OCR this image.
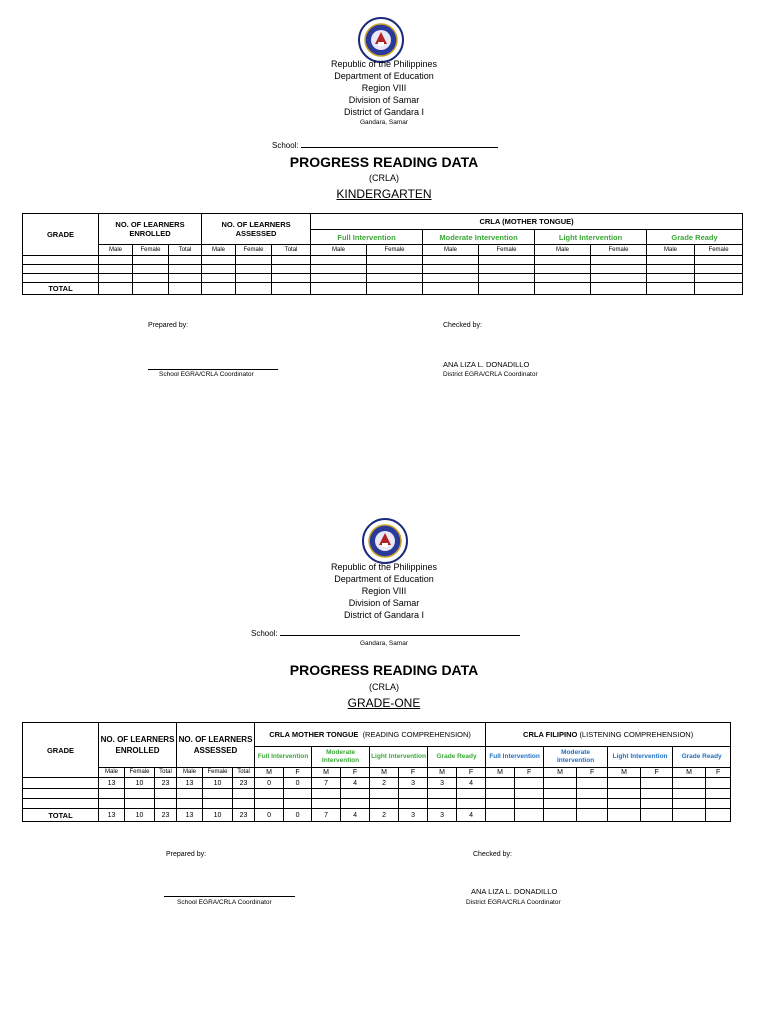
Republic of the Philippines
Department of Education
Region VIII
Division of Samar
District of Gandara I
Gandara, Samar
School:
PROGRESS READING DATA
(CRLA)
KINDERGARTEN
GRADE	NO. OF LEARNERS ENROLLED			NO. OF LEARNERS ASSESSED			CRLA (MOTHER TONGUE)							
							Full Intervention		Moderate Intervention		Light Intervention		Grade Ready	
	Male	Female	Total	Male	Female	Total	Male	Female	Male	Female	Male	Female	Male	Female

TOTAL														
Prepared by:	Checked by:
School EGRA/CRLA Coordinator
ANA LIZA L. DONADILLO
District EGRA/CRLA Coordinator
Republic of the Philippines
Department of Education
Region VIII
Division of Samar
District of Gandara I
School:
Gandara, Samar
PROGRESS READING DATA
(CRLA)
GRADE-ONE
GRADE	NO. OF LEARNERS ENROLLED			NO. OF LEARNERS ASSESSED			CRLA MOTHER TONGUE (READING COMPREHENSION)								CRLA FILIPINO (LISTENING COMPREHENSION)							
							Full Intervention		Moderate Intervention		Light Intervention		Grade Ready		Full Intervention		Moderate Intervention		Light Intervention		Grade Ready	
	Male	Female	Total	Male	Female	Total	M	F	M	F	M	F	M	F	M	F	M	F	M	F	M	F
	13	10	23	13	10	23	0	0	7	4	2	3	3	4								

TOTAL	13	10	23	13	10	23	0	0	7	4	2	3	3	4								
Prepared by:	Checked by:
School EGRA/CRLA Coordinator
ANA LIZA L. DONADILLO
District EGRA/CRLA Coordinator
